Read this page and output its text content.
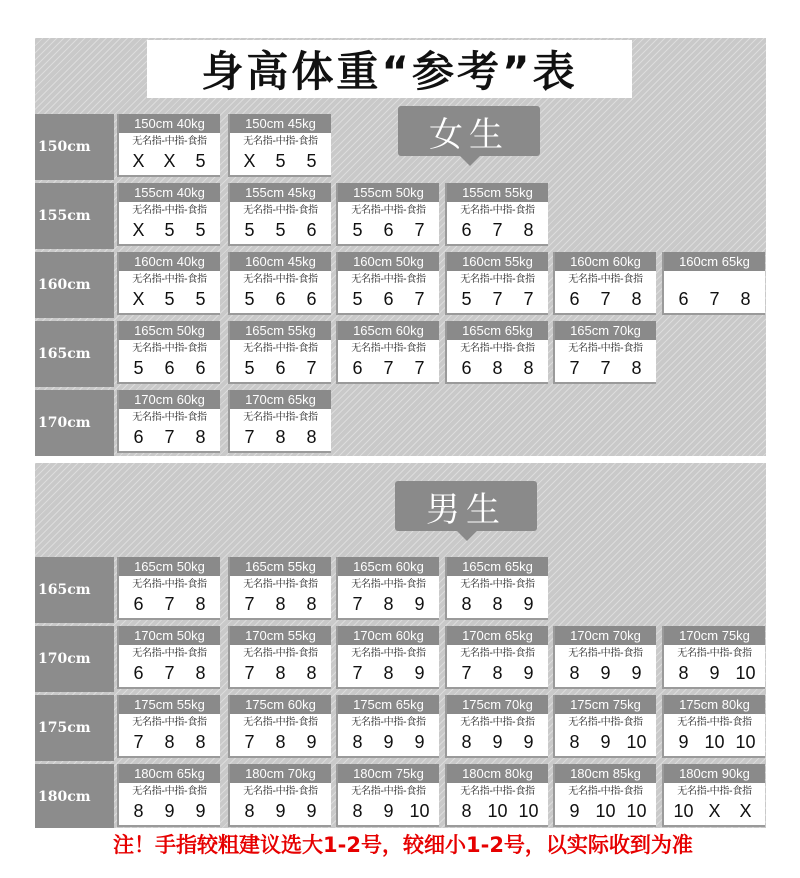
身高体重“参考”表
女生
男生
150cm
150cm 40kg
无名指-中指-食指
X	X	5
150cm 45kg
无名指-中指-食指
X	5	5
155cm
155cm 40kg
无名指-中指-食指
X	5	5
155cm 45kg
无名指-中指-食指
5	5	6
155cm 50kg
无名指-中指-食指
5	6	7
155cm 55kg
无名指-中指-食指
6	7	8
160cm
160cm 40kg
无名指-中指-食指
X	5	5
160cm 45kg
无名指-中指-食指
5	6	6
160cm 50kg
无名指-中指-食指
5	6	7
160cm 55kg
无名指-中指-食指
5	7	7
160cm 60kg
无名指-中指-食指
6	7	8
160cm 65kg

6	7	8
165cm
165cm 50kg
无名指-中指-食指
5	6	6
165cm 55kg
无名指-中指-食指
5	6	7
165cm 60kg
无名指-中指-食指
6	7	7
165cm 65kg
无名指-中指-食指
6	8	8
165cm 70kg
无名指-中指-食指
7	7	8
170cm
170cm 60kg
无名指-中指-食指
6	7	8
170cm 65kg
无名指-中指-食指
7	8	8
165cm
165cm 50kg
无名指-中指-食指
6	7	8
165cm 55kg
无名指-中指-食指
7	8	8
165cm 60kg
无名指-中指-食指
7	8	9
165cm 65kg
无名指-中指-食指
8	8	9
170cm
170cm 50kg
无名指-中指-食指
6	7	8
170cm 55kg
无名指-中指-食指
7	8	8
170cm 60kg
无名指-中指-食指
7	8	9
170cm 65kg
无名指-中指-食指
7	8	9
170cm 70kg
无名指-中指-食指
8	9	9
170cm 75kg
无名指-中指-食指
8	9 10
175cm
175cm 55kg
无名指-中指-食指
7	8	8
175cm 60kg
无名指-中指-食指
7	8	9
175cm 65kg
无名指-中指-食指
8	9	9
175cm 70kg
无名指-中指-食指
8	9	9
175cm 75kg
无名指-中指-食指
8	9 10
175cm 80kg
无名指-中指-食指
9 10 10
180cm
180cm 65kg
无名指-中指-食指
8	9	9
180cm 70kg
无名指-中指-食指
8	9	9
180cm 75kg
无名指-中指-食指
8	9 10
180cm 80kg
无名指-中指-食指
8 10 10
180cm 85kg
无名指-中指-食指
9 10 10
180cm 90kg
无名指-中指-食指
10 X	X
注！手指较粗建议选大1-2号，较细小1-2号，以实际收到为准
